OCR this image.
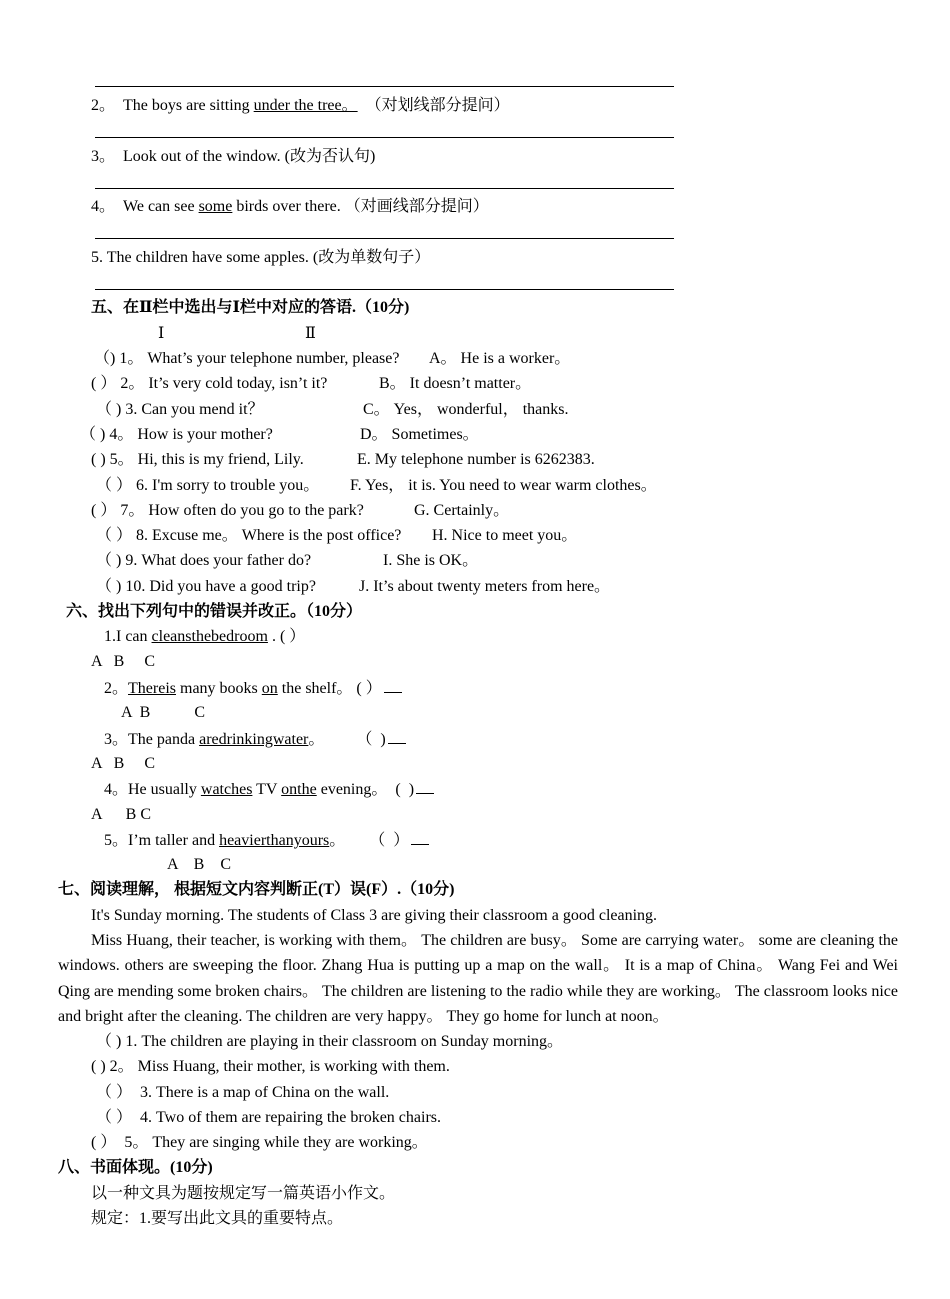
2。 The boys are sitting under the tree。 （对划线部分提问）
3。 Look out of the window. (改为否认句)
4。 We can see some birds over there. （对画线部分提问）
5. The children have some apples. (改为单数句子）
五、在Ⅱ栏中选出与Ⅰ栏中对应的答语.（10分)
Ⅰ	Ⅱ
（) 1。 What’s your telephone number, please? A。 He is a worker。
( ） 2。 It’s very cold today, isn’t it?	B。 It doesn’t matter。
（ ) 3. Can you mend it？	C。 Yes， wonderful， thanks.
（ ) 4。 How is your mother?	D。 Sometimes。
( ) 5。 Hi, this is my friend, Lily.	E. My telephone number is 6262383.
（ ） 6. I'm sorry to trouble you。 F. Yes， it is. You need to wear warm clothes。
( ） 7。 How often do you go to the park?	G. Certainly。
（ ） 8. Excuse me。 Where is the post office? H. Nice to meet you。
（ ) 9. What does your father do?	I. She is OK。
（ ) 10. Did you have a good trip?	J. It’s about twenty meters from here。
六、找出下列句中的错误并改正。（10分）
1.I can cleansthebedroom . ( ）
A   B     C
2。Thereis many books on the shelf。 ( ）
A  B           C
3。The panda aredrinkingwater。        （  )
A   B     C
4。He usually watches TV onthe evening。  (  )
A      B C
5。I’m taller and heavierthanyours。      （  ）
A    B    C
七、阅读理解， 根据短文内容判断正(T）误(F）.（10分)
It's Sunday morning. The students of Class 3 are giving their classroom a good cleaning.
Miss Huang, their teacher, is working with them。 The children are busy。 Some are carrying water。 some are cleaning the windows. others are sweeping the floor. Zhang Hua is putting up a map on the wall。 It is a map of China。 Wang Fei and Wei Qing are mending some broken chairs。 The children are listening to the radio while they are working。 The classroom looks nice and bright after the cleaning. The children are very happy。 They go home for lunch at noon。
（ ) 1. The children are playing in their classroom on Sunday morning。
( ) 2。 Miss Huang, their mother, is working with them.
（ ）  3. There is a map of China on the wall.
（ ）  4. Two of them are repairing the broken chairs.
( ）  5。 They are singing while they are working。
八、书面体现。(10分)
以一种文具为题按规定写一篇英语小作文。
规定：1.要写出此文具的重要特点。
